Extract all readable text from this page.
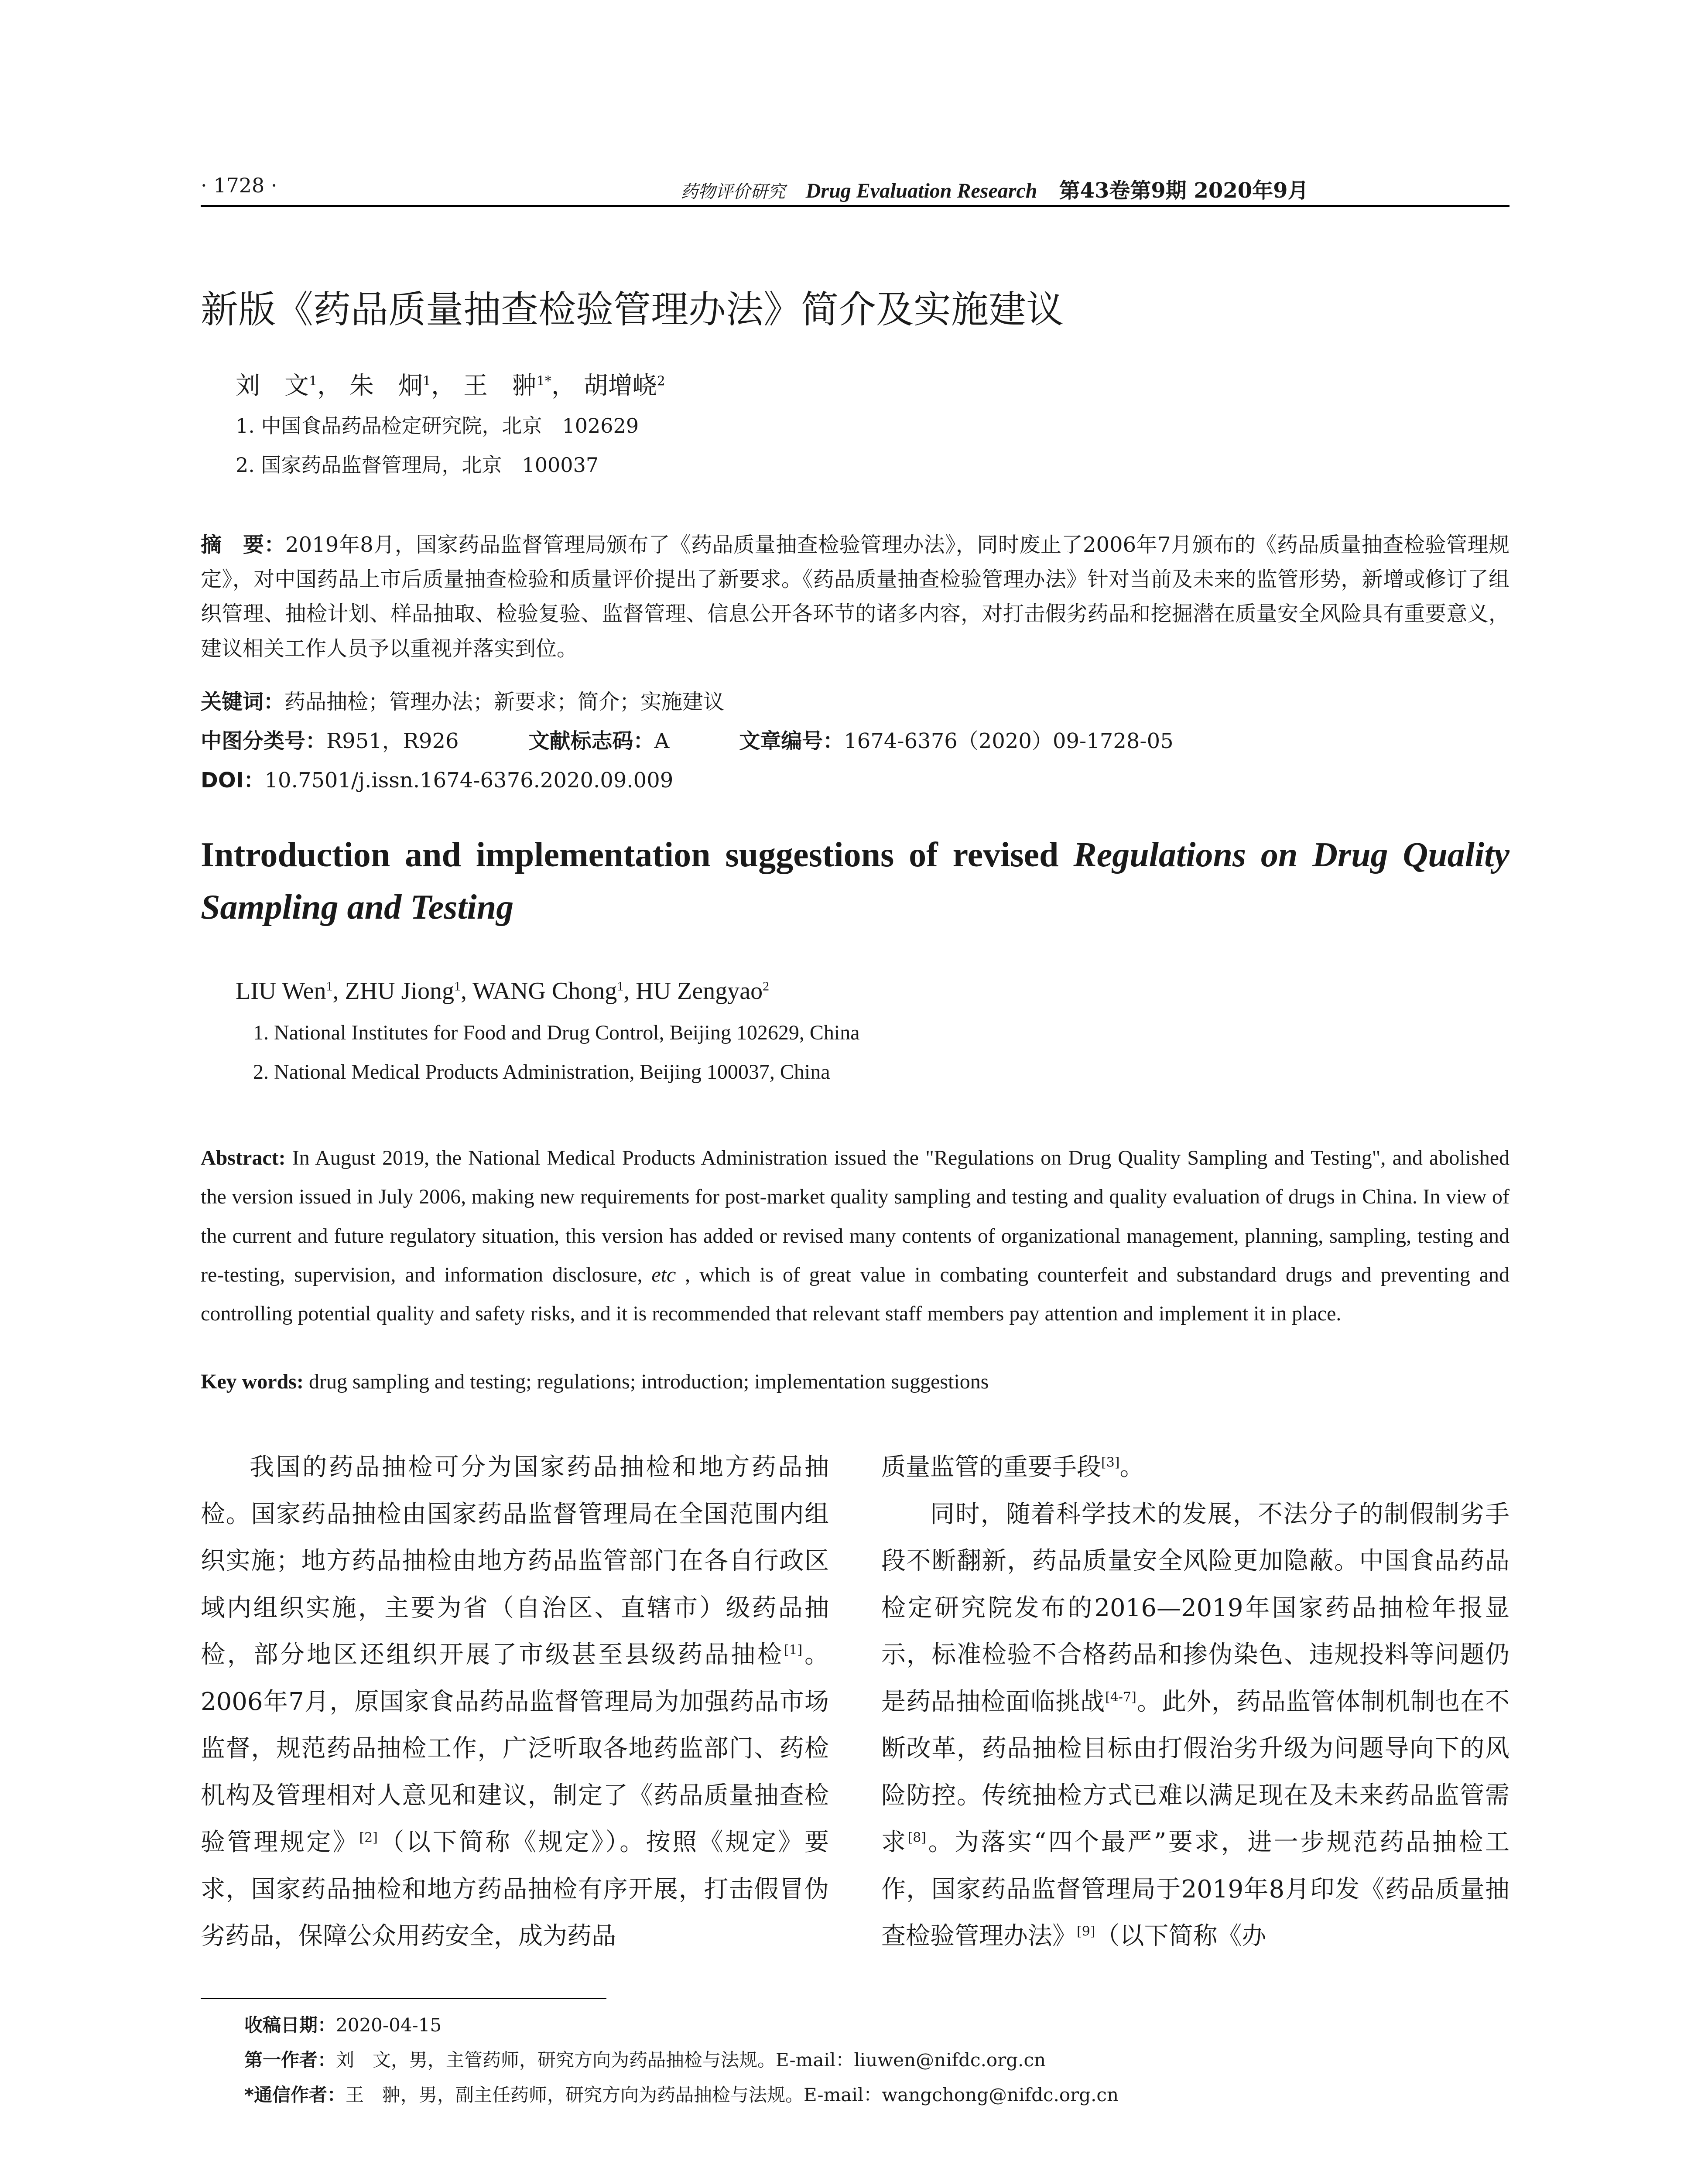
· 1728 ·	药物评价研究 Drug Evaluation Research 第43卷第9期 2020年9月
新版《药品质量抽查检验管理办法》简介及实施建议
刘　文$^1$， 朱　炯$^1$， 王　翀$^{1*}$， 胡增峣$^2$
1. 中国食品药品检定研究院，北京　102629
2. 国家药品监督管理局，北京　100037

摘　要：2019年8月，国家药品监督管理局颁布了《药品质量抽查检验管理办法》，同时废止了2006年7月颁布的《药品质量抽查检验管理规定》，对中国药品上市后质量抽查检验和质量评价提出了新要求。《药品质量抽查检验管理办法》针对当前及未来的监管形势，新增或修订了组织管理、抽检计划、样品抽取、检验复验、监督管理、信息公开各环节的诸多内容，对打击假劣药品和挖掘潜在质量安全风险具有重要意义，建议相关工作人员予以重视并落实到位。

关键词：药品抽检；管理办法；新要求；简介；实施建议
中图分类号：R951，R926	文献标志码：A	文章编号：1674-6376（2020）09-1728-05
DOI：10.7501/j.issn.1674-6376.2020.09.009

Introduction and implementation suggestions of revised Regulations on Drug Quality Sampling and Testing

LIU Wen$^1$, ZHU Jiong$^1$, WANG Chong$^1$, HU Zengyao$^2$
1. National Institutes for Food and Drug Control, Beijing 102629, China
2. National Medical Products Administration, Beijing 100037, China

Abstract: In August 2019, the National Medical Products Administration issued the "Regulations on Drug Quality Sampling and Testing", and abolished the version issued in July 2006, making new requirements for post-market quality sampling and testing and quality evaluation of drugs in China. In view of the current and future regulatory situation, this version has added or revised many contents of organizational management, planning, sampling, testing and re-testing, supervision, and information disclosure, etc , which is of great value in combating counterfeit and substandard drugs and preventing and controlling potential quality and safety risks, and it is recommended that relevant staff members pay attention and implement it in place.

Key words: drug sampling and testing; regulations; introduction; implementation suggestions

我国的药品抽检可分为国家药品抽检和地方药品抽检。国家药品抽检由国家药品监督管理局在全国范围内组织实施；地方药品抽检由地方药品监管部门在各自行政区域内组织实施，主要为省（自治区、直辖市）级药品抽检，部分地区还组织开展了市级甚至县级药品抽检[1]。2006年7月，原国家食品药品监督管理局为加强药品市场监督，规范药品抽检工作，广泛听取各地药监部门、药检机构及管理相对人意见和建议，制定了《药品质量抽查检验管理规定》[2]（以下简称《规定》）。按照《规定》要求，国家药品抽检和地方药品抽检有序开展，打击假冒伪劣药品，保障公众用药安全，成为药品

质量监管的重要手段[3]。

同时，随着科学技术的发展，不法分子的制假制劣手段不断翻新，药品质量安全风险更加隐蔽。中国食品药品检定研究院发布的2016—2019年国家药品抽检年报显示，标准检验不合格药品和掺伪染色、违规投料等问题仍是药品抽检面临挑战[4-7]。此外，药品监管体制机制也在不断改革，药品抽检目标由打假治劣升级为问题导向下的风险防控。传统抽检方式已难以满足现在及未来药品监管需求[8]。为落实“四个最严”要求，进一步规范药品抽检工作，国家药品监督管理局于2019年8月印发《药品质量抽查检验管理办法》[9]（以下简称《办

收稿日期：2020-04-15
第一作者：刘　文，男，主管药师，研究方向为药品抽检与法规。E-mail：liuwen@nifdc.org.cn
*通信作者：王　翀，男，副主任药师，研究方向为药品抽检与法规。E-mail：wangchong@nifdc.org.cn
